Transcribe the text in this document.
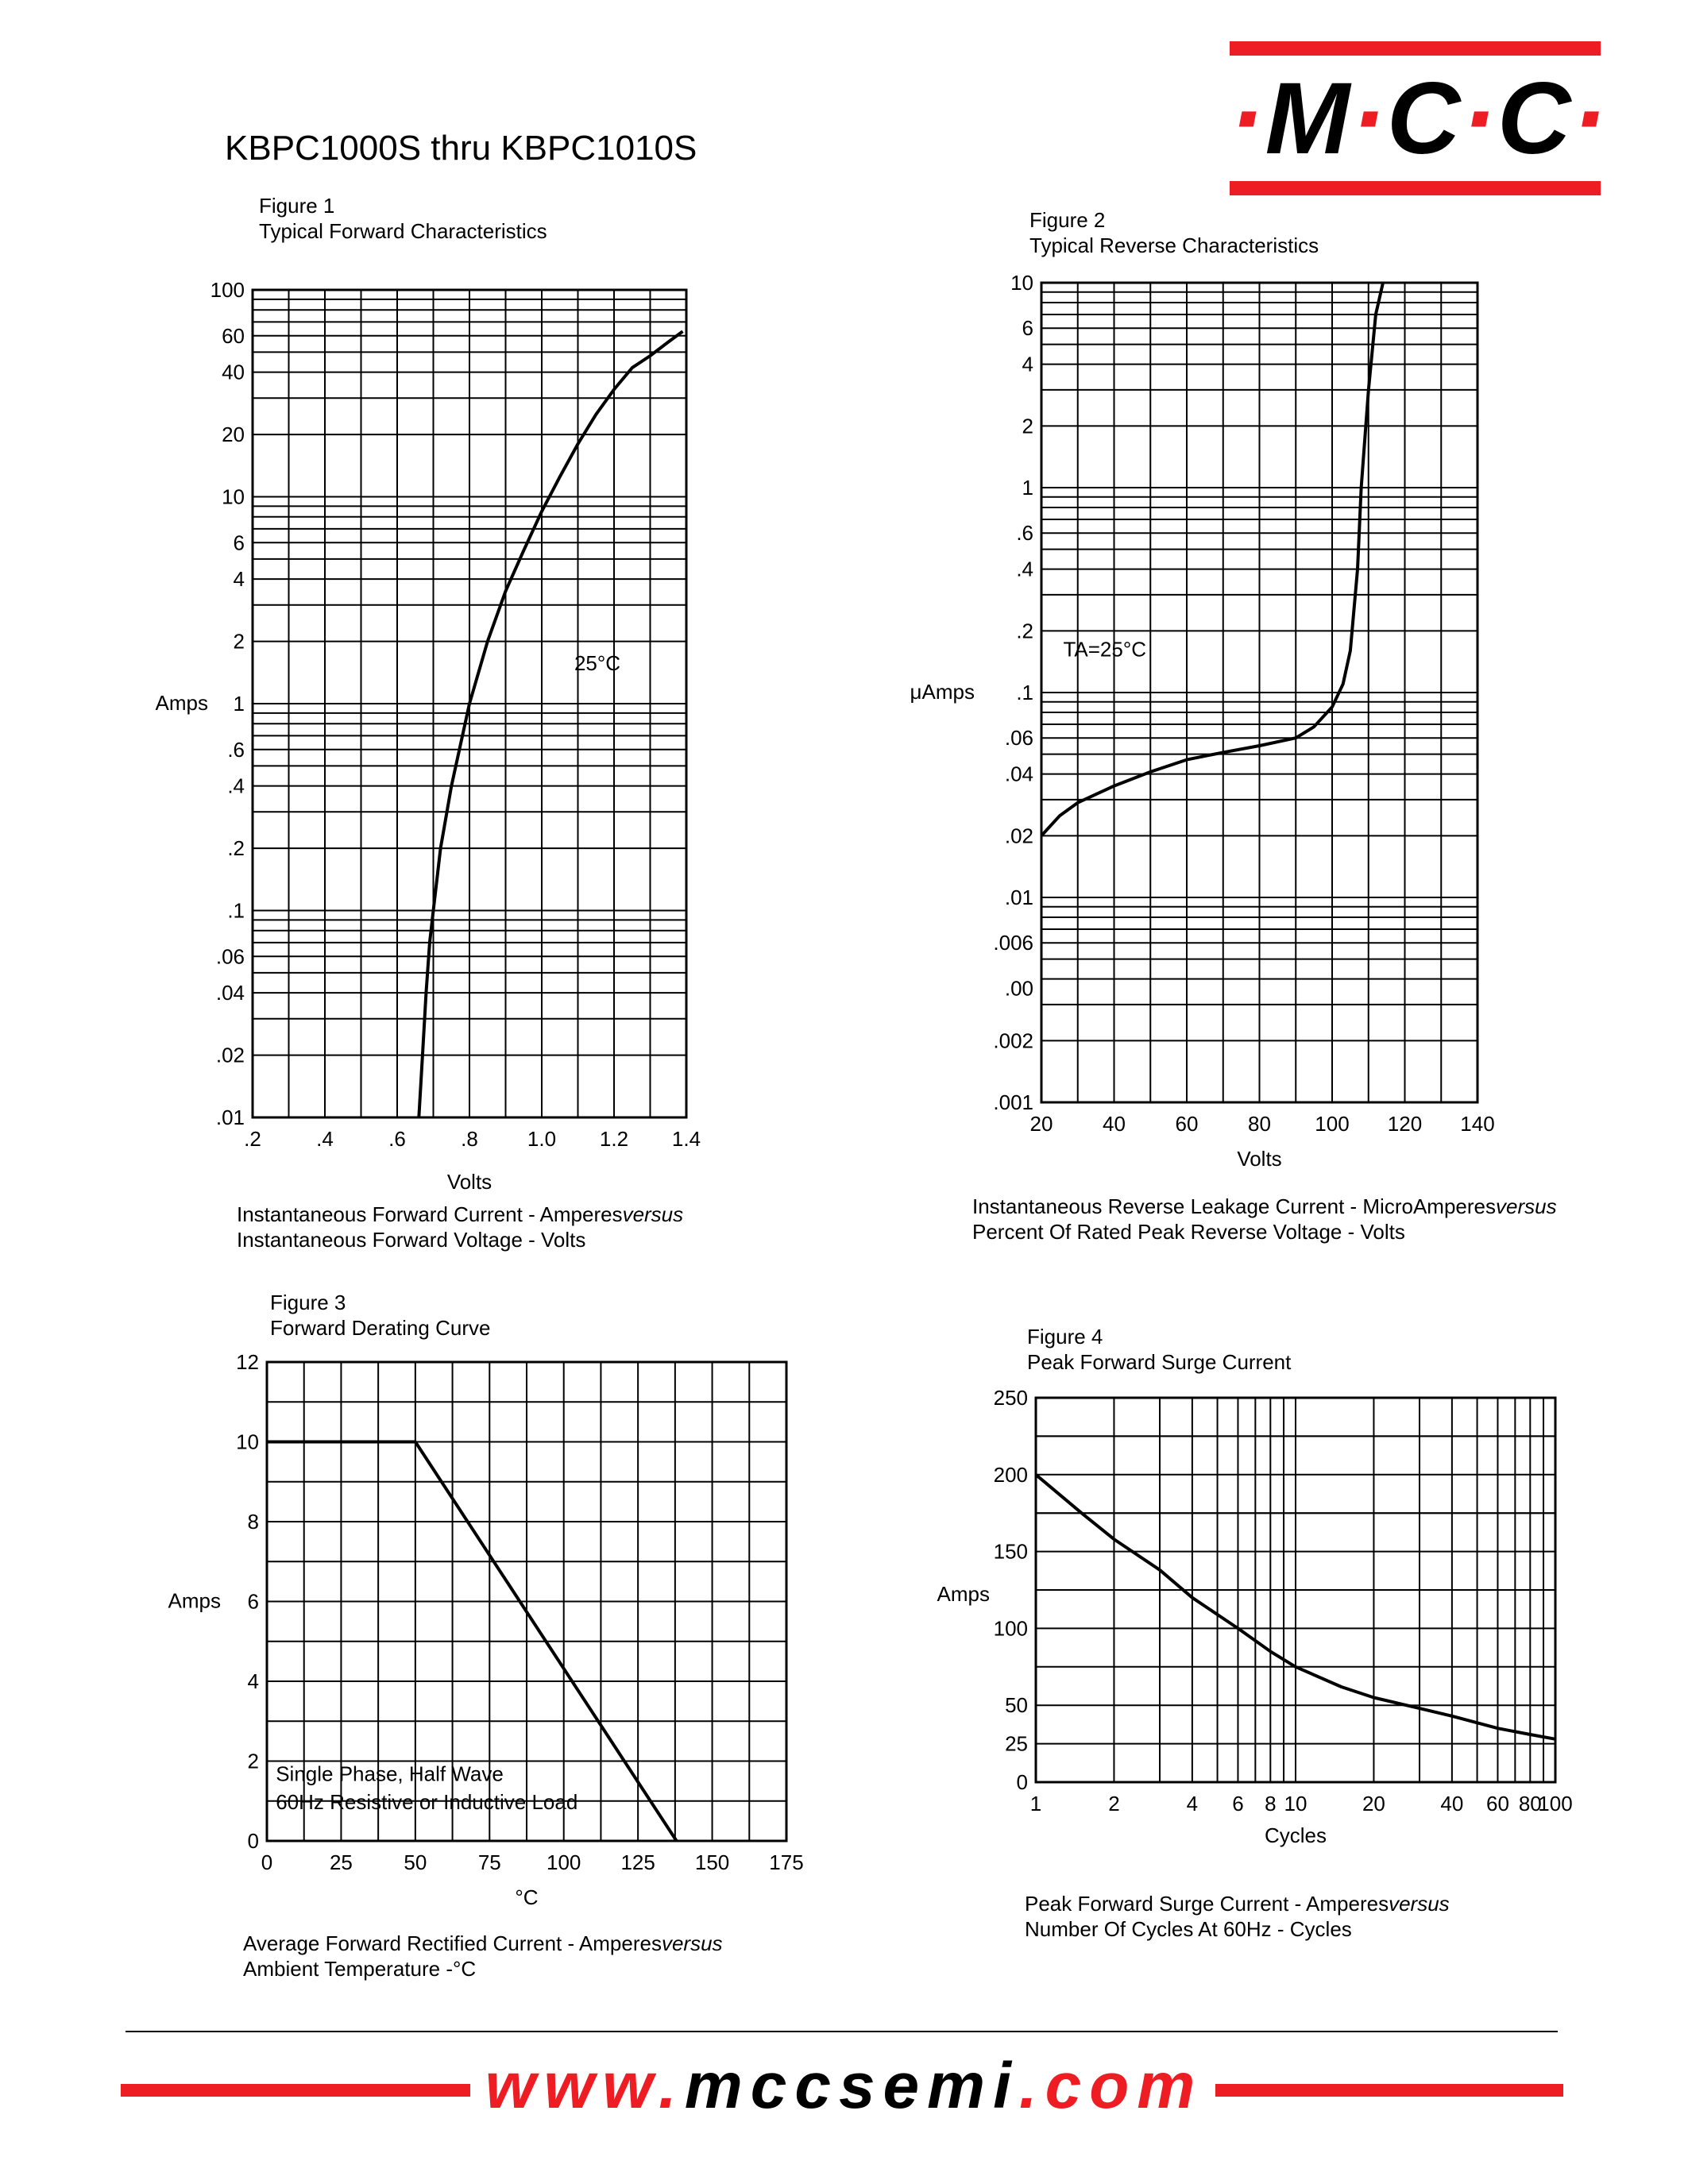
KBPC1000S thru KBPC1010S	·M·C·C·
Figure 1
Typical Forward Characteristics
Instantaneous Forward Current - Amperesversus
Instantaneous Forward Voltage - Volts
Figure 2
Typical Reverse Characteristics
Instantaneous Reverse Leakage Current - MicroAmperesversus
Percent Of Rated Peak Reverse Voltage - Volts
Figure 3
Forward Derating Curve
Average Forward Rectified Current - Amperesversus
Ambient Temperature -°C
Figure 4
Peak Forward Surge Current
Peak Forward Surge Current - Amperesversus
Number Of Cycles At 60Hz - Cycles
100
60
40
20
10
6
4
2
1
.6
.4
.2
.1
.06
.04
.02
.01
.2	.4	.6	.8 1.0 1.2 1.4
Volts
Amps
25°C
10
6
4
2
1
.6
.4
.2
.1
.06
.04
.02
.01
.006
.00
.002
.001
20 40 60 80 100 120 140
Volts
μAmps
TA=25°C
12
10
8
6
4
2
0
0	25 50 75 100 125 150 175
°C
Amps
Single Phase, Half Wave
60Hz Resistive or Inductive Load
250
200
150
100
50
25
0
1	2	4 6 8 10	20	40 60 80
100
Cycles
Amps
www.mccsemi.com
